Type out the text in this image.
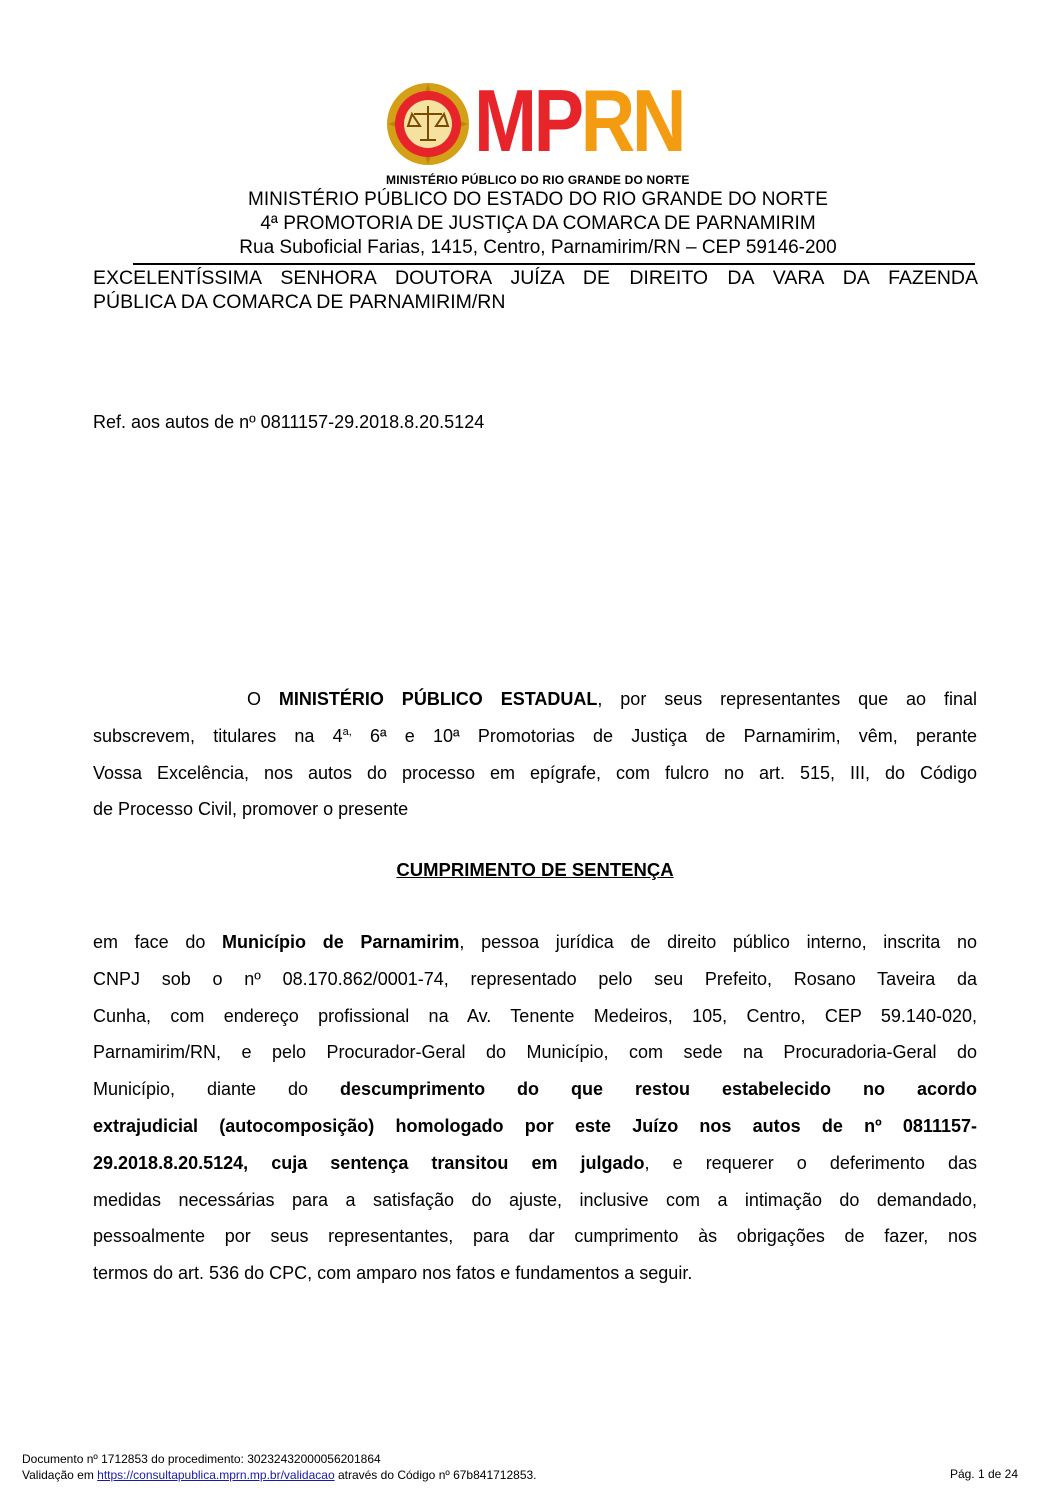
MPRN
MINISTÉRIO PÚBLICO DO RIO GRANDE DO NORTE
MINISTÉRIO PÚBLICO DO ESTADO DO RIO GRANDE DO NORTE
4ª PROMOTORIA DE JUSTIÇA DA COMARCA DE PARNAMIRIM
Rua Suboficial Farias, 1415, Centro, Parnamirim/RN – CEP 59146-200
EXCELENTÍSSIMA SENHORA DOUTORA JUÍZA DE DIREITO DA VARA DA FAZENDA
PÚBLICA DA COMARCA DE PARNAMIRIM/RN
Ref. aos autos de nº 0811157-29.2018.8.20.5124
O MINISTÉRIO PÚBLICO ESTADUAL, por seus representantes que ao final
subscrevem, titulares na $4^{a,}$ 6ª e 10ª Promotorias de Justiça de Parnamirim, vêm, perante
Vossa Excelência, nos autos do processo em epígrafe, com fulcro no art. 515, III, do Código
de Processo Civil, promover o presente
CUMPRIMENTO DE SENTENÇA
em face do Município de Parnamirim, pessoa jurídica de direito público interno, inscrita no
CNPJ sob o nº 08.170.862/0001-74, representado pelo seu Prefeito, Rosano Taveira da
Cunha, com endereço profissional na Av. Tenente Medeiros, 105, Centro, CEP 59.140-020,
Parnamirim/RN, e pelo Procurador-Geral do Município, com sede na Procuradoria-Geral do
Município, diante do descumprimento do que restou estabelecido no acordo
extrajudicial (autocomposição) homologado por este Juízo nos autos de nº 0811157-
29.2018.8.20.5124, cuja sentença transitou em julgado, e requerer o deferimento das
medidas necessárias para a satisfação do ajuste, inclusive com a intimação do demandado,
pessoalmente por seus representantes, para dar cumprimento às obrigações de fazer, nos
termos do art. 536 do CPC, com amparo nos fatos e fundamentos a seguir.
Documento nº 1712853 do procedimento: 30232432000056201864
Validação em https://consultapublica.mprn.mp.br/validacao através do Código nº 67b841712853.	Pág. 1 de 24
